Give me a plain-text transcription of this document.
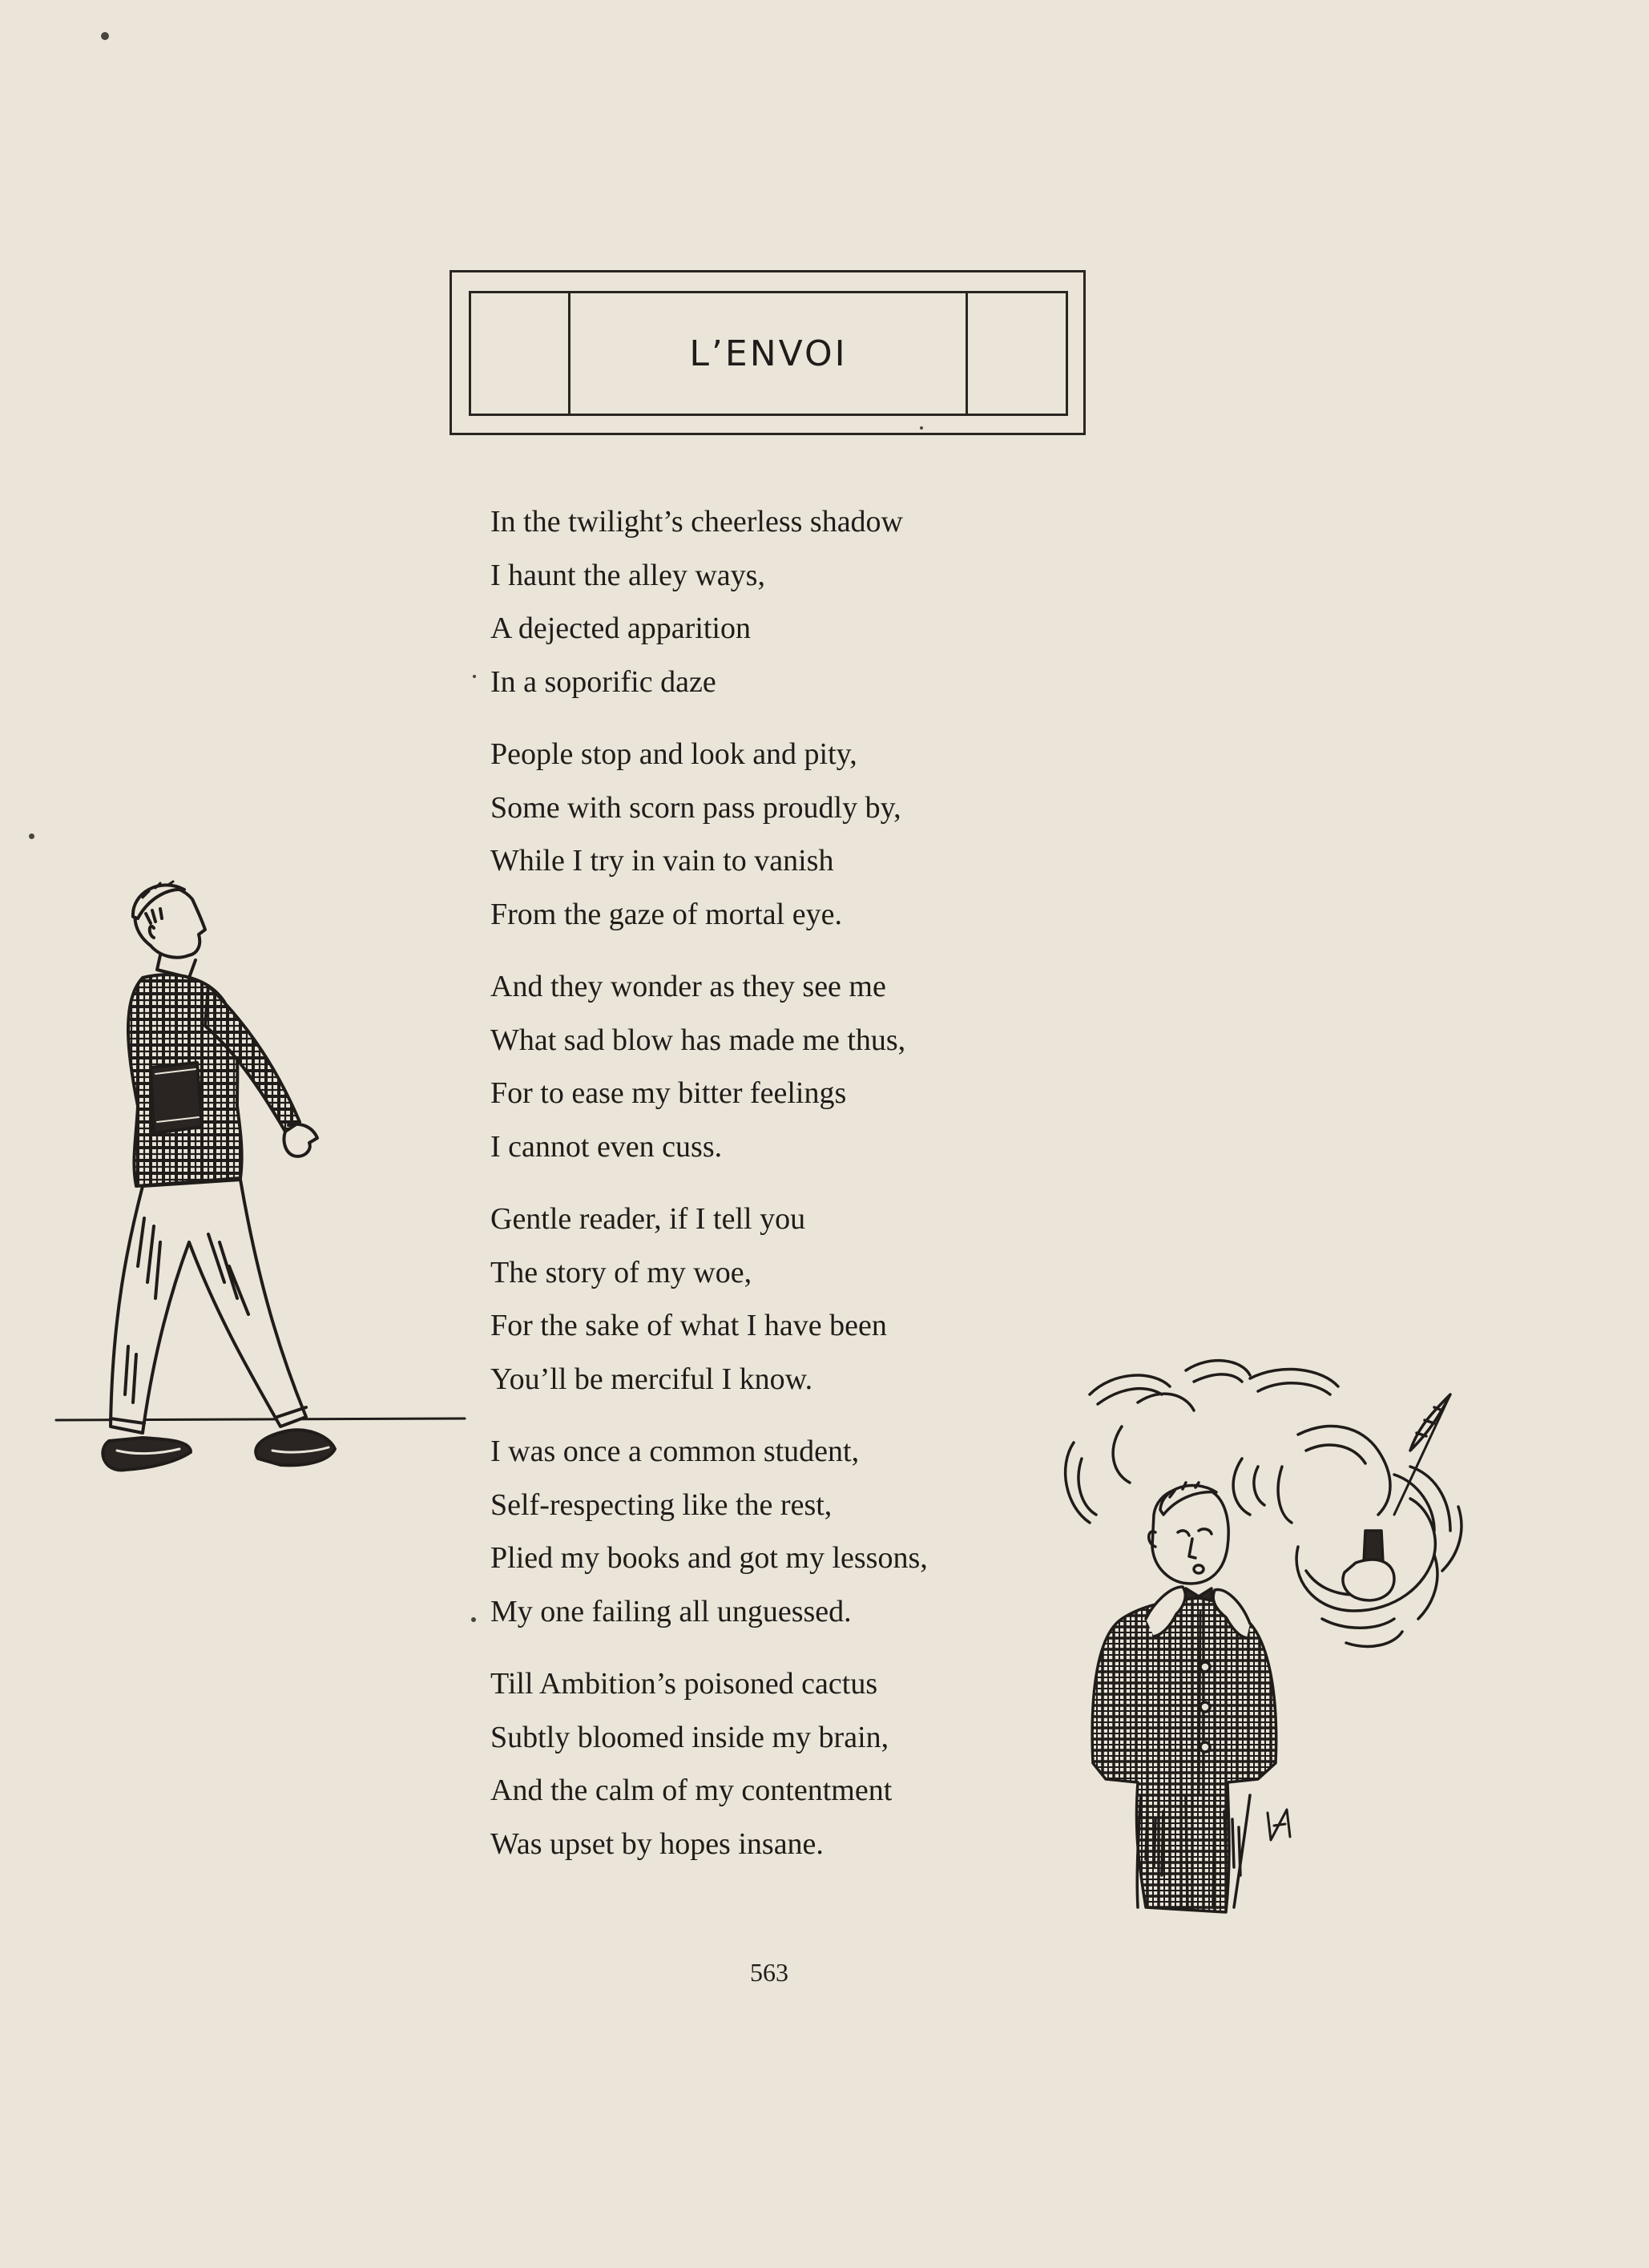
L’ENVOI
In the twilight’s cheerless shadow
I haunt the alley ways,
A dejected apparition
In a soporific daze
People stop and look and pity,
Some with scorn pass proudly by,
While I try in vain to vanish
From the gaze of mortal eye.
And they wonder as they see me
What sad blow has made me thus,
For to ease my bitter feelings
I cannot even cuss.
Gentle reader, if I tell you
The story of my woe,
For the sake of what I have been
You’ll be merciful I know.
I was once a common student,
Self-respecting like the rest,
Plied my books and got my lessons,
My one failing all unguessed.
Till Ambition’s poisoned cactus
Subtly bloomed inside my brain,
And the calm of my contentment
Was upset by hopes insane.
563
